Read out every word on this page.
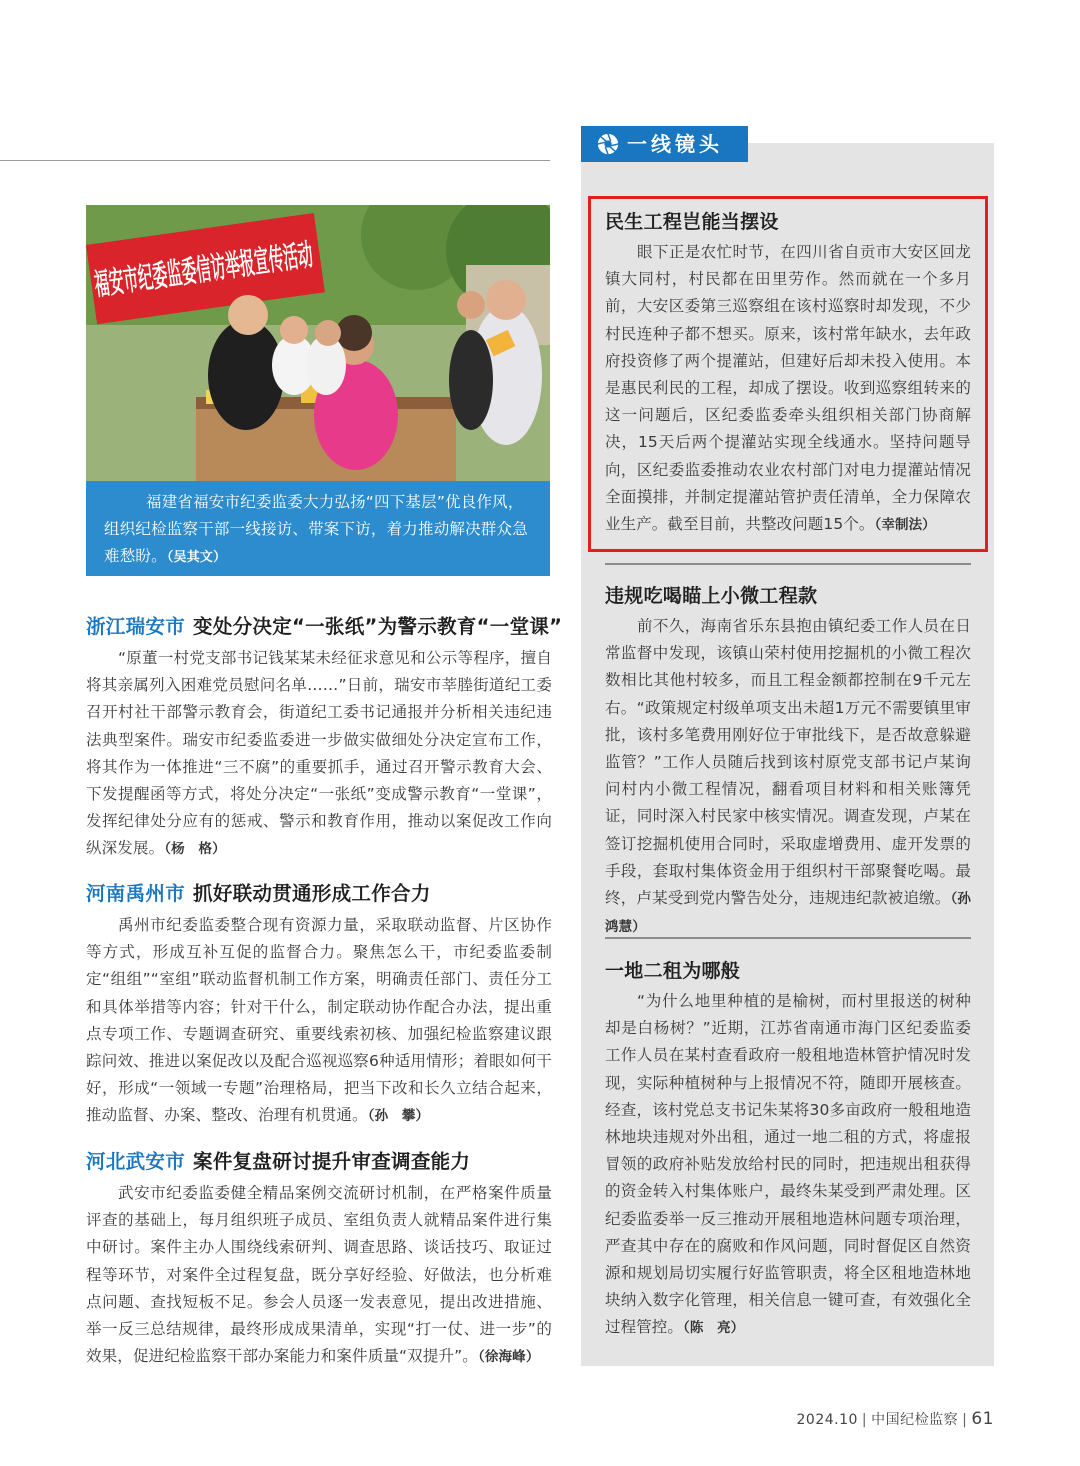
福建省福安市纪委监委大力弘扬“四下基层”优良作风，组织纪检监察干部一线接访、带案下访，着力推动解决群众急难愁盼。（吴其文）
浙江瑞安市 变处分决定“一张纸”为警示教育“一堂课”

“原董一村党支部书记钱某某未经征求意见和公示等程序，擅自将其亲属列入困难党员慰问名单……”日前，瑞安市莘塍街道纪工委召开村社干部警示教育会，街道纪工委书记通报并分析相关违纪违法典型案件。瑞安市纪委监委进一步做实做细处分决定宣布工作，将其作为一体推进“三不腐”的重要抓手，通过召开警示教育大会、下发提醒函等方式，将处分决定“一张纸”变成警示教育“一堂课”，发挥纪律处分应有的惩戒、警示和教育作用，推动以案促改工作向纵深发展。（杨　格）

河南禹州市 抓好联动贯通形成工作合力

禹州市纪委监委整合现有资源力量，采取联动监督、片区协作等方式，形成互补互促的监督合力。聚焦怎么干，市纪委监委制定“组组”“室组”联动监督机制工作方案，明确责任部门、责任分工和具体举措等内容；针对干什么，制定联动协作配合办法，提出重点专项工作、专题调查研究、重要线索初核、加强纪检监察建议跟踪问效、推进以案促改以及配合巡视巡察6种适用情形；着眼如何干好，形成“一领域一专题”治理格局，把当下改和长久立结合起来，推动监督、办案、整改、治理有机贯通。（孙　攀）

河北武安市 案件复盘研讨提升审查调查能力

武安市纪委监委健全精品案例交流研讨机制，在严格案件质量评查的基础上，每月组织班子成员、室组负责人就精品案件进行集中研讨。案件主办人围绕线索研判、调查思路、谈话技巧、取证过程等环节，对案件全过程复盘，既分享好经验、好做法，也分析难点问题、查找短板不足。参会人员逐一发表意见，提出改进措施、举一反三总结规律，最终形成成果清单，实现“打一仗、进一步”的效果，促进纪检监察干部办案能力和案件质量“双提升”。（徐海峰）

一线镜头
民生工程岂能当摆设

眼下正是农忙时节，在四川省自贡市大安区回龙镇大同村，村民都在田里劳作。然而就在一个多月前，大安区委第三巡察组在该村巡察时却发现，不少村民连种子都不想买。原来，该村常年缺水，去年政府投资修了两个提灌站，但建好后却未投入使用。本是惠民利民的工程，却成了摆设。收到巡察组转来的这一问题后，区纪委监委牵头组织相关部门协商解决，15天后两个提灌站实现全线通水。坚持问题导向，区纪委监委推动农业农村部门对电力提灌站情况全面摸排，并制定提灌站管护责任清单，全力保障农业生产。截至目前，共整改问题15个。（幸制法）

违规吃喝瞄上小微工程款

前不久，海南省乐东县抱由镇纪委工作人员在日常监督中发现，该镇山荣村使用挖掘机的小微工程次数相比其他村较多，而且工程金额都控制在9千元左右。“政策规定村级单项支出未超1万元不需要镇里审批，该村多笔费用刚好位于审批线下，是否故意躲避监管？”工作人员随后找到该村原党支部书记卢某询问村内小微工程情况，翻看项目材料和相关账簿凭证，同时深入村民家中核实情况。调查发现，卢某在签订挖掘机使用合同时，采取虚增费用、虚开发票的手段，套取村集体资金用于组织村干部聚餐吃喝。最终，卢某受到党内警告处分，违规违纪款被追缴。（孙鸿慧）

一地二租为哪般

“为什么地里种植的是榆树，而村里报送的树种却是白杨树？”近期，江苏省南通市海门区纪委监委工作人员在某村查看政府一般租地造林管护情况时发现，实际种植树种与上报情况不符，随即开展核查。经查，该村党总支书记朱某将30多亩政府一般租地造林地块违规对外出租，通过一地二租的方式，将虚报冒领的政府补贴发放给村民的同时，把违规出租获得的资金转入村集体账户，最终朱某受到严肃处理。区纪委监委举一反三推动开展租地造林问题专项治理，严查其中存在的腐败和作风问题，同时督促区自然资源和规划局切实履行好监管职责，将全区租地造林地块纳入数字化管理，相关信息一键可查，有效强化全过程管控。（陈　亮）

2024.10 | 中国纪检监察 | 61
